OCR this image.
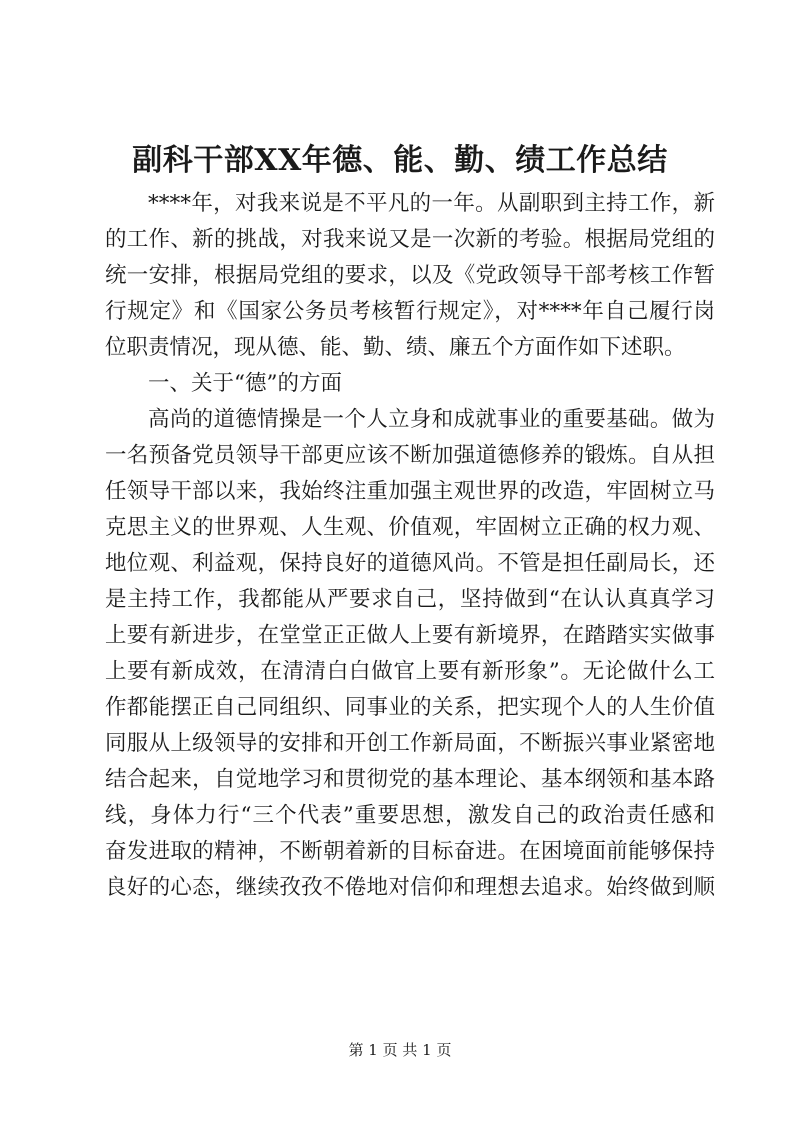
副科干部XX年德、能、勤、绩工作总结
****年，对我来说是不平凡的一年。从副职到主持工作，新
的工作、新的挑战，对我来说又是一次新的考验。根据局党组的
统一安排，根据局党组的要求，以及《党政领导干部考核工作暂
行规定》和《国家公务员考核暂行规定》，对****年自己履行岗
位职责情况，现从德、能、勤、绩、廉五个方面作如下述职。
一、关于“德”的方面
高尚的道德情操是一个人立身和成就事业的重要基础。做为
一名预备党员领导干部更应该不断加强道德修养的锻炼。自从担
任领导干部以来，我始终注重加强主观世界的改造，牢固树立马
克思主义的世界观、人生观、价值观，牢固树立正确的权力观、
地位观、利益观，保持良好的道德风尚。不管是担任副局长，还
是主持工作，我都能从严要求自己，坚持做到“在认认真真学习
上要有新进步，在堂堂正正做人上要有新境界，在踏踏实实做事
上要有新成效，在清清白白做官上要有新形象”。无论做什么工
作都能摆正自己同组织、同事业的关系，把实现个人的人生价值
同服从上级领导的安排和开创工作新局面，不断振兴事业紧密地
结合起来，自觉地学习和贯彻党的基本理论、基本纲领和基本路
线，身体力行“三个代表”重要思想，激发自己的政治责任感和
奋发进取的精神，不断朝着新的目标奋进。在困境面前能够保持
良好的心态，继续孜孜不倦地对信仰和理想去追求。始终做到顺
第 1 页 共 1 页
